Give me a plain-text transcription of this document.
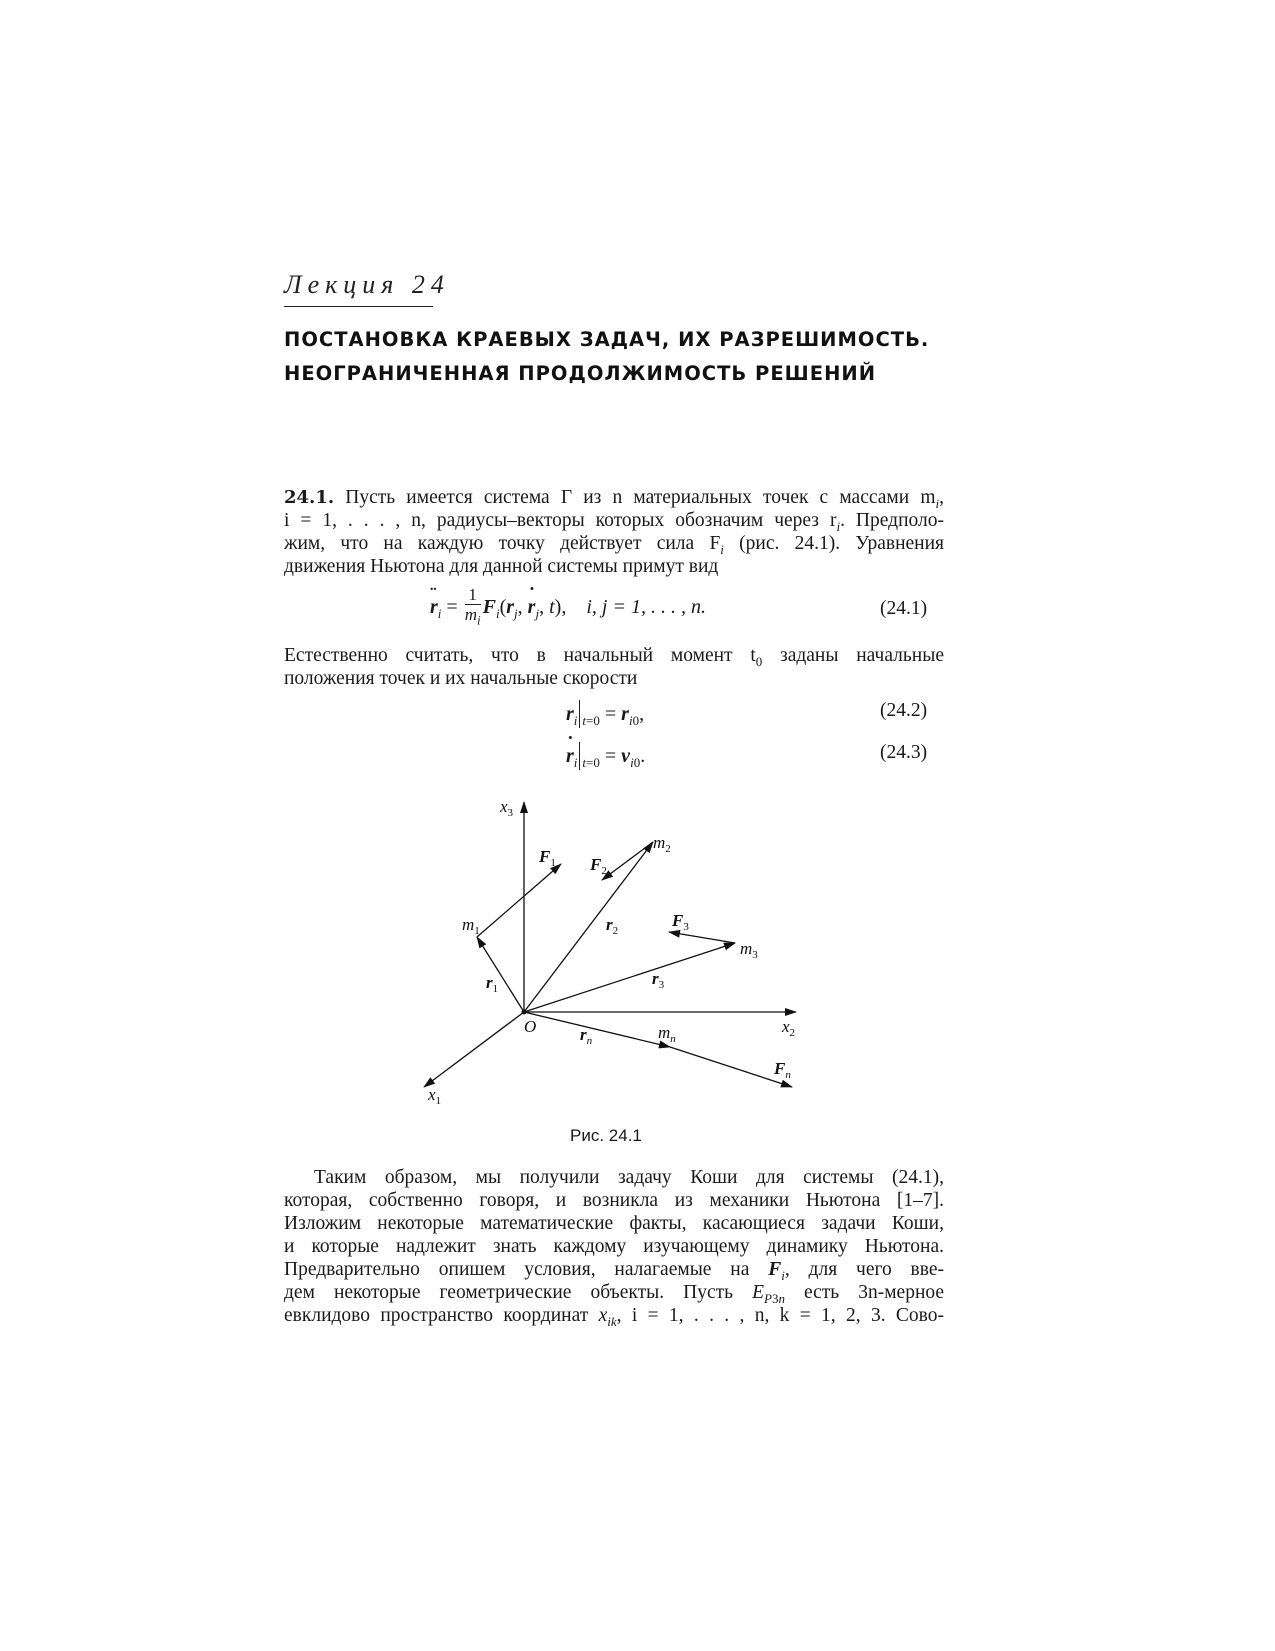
Лекция 24
ПОСТАНОВКА КРАЕВЫХ ЗАДАЧ, ИХ РАЗРЕШИМОСТЬ.
НЕОГРАНИЧЕННАЯ ПРОДОЛЖИМОСТЬ РЕШЕНИЙ
24.1. Пусть имеется система Γ из n материальных точек с массами $m_i$,
i = 1, . . . , n, радиусы–векторы которых обозначим через $r_i$. Предполо-
жим, что на каждую точку действует сила $F_i$ (рис. 24.1). Уравнения
движения Ньютона для данной системы примут вид
r $¨_i = \frac{1}{m_i} F_i(r_j$, r $˙_j$, t),    i, j = 1, . . . , n.	(24.1)
Естественно считать, что в начальный момент $t_0$ заданы начальные
положения точек и их начальные скорости
$r_i$ $_{t=0} = r_{i0}$,	(24.2)
r $˙_i$ $_{t=0} = v_{i0}$.	(24.3)
$x_3$
$x_2$
$x_1$
O
$m_1$
$m_2$
$m_3$
$m_n$
$F_1$ $F_2$
$F_3$
$F_n$
$r_1$
$r_2$
$r_3$
$r_n$
Рис. 24.1
Таким образом, мы получили задачу Коши для системы (24.1),
которая, собственно говоря, и возникла из механики Ньютона [1–7].
Изложим некоторые математические факты, касающиеся задачи Коши,
и которые надлежит знать каждому изучающему динамику Ньютона.
Предварительно опишем условия, налагаемые на $F_i$, для чего вве-
дем некоторые геометрические объекты. Пусть $E_{P3n}$ есть 3n-мерное
евклидово пространство координат $x_{ik}$, i = 1, . . . , n, k = 1, 2, 3. Сово-
